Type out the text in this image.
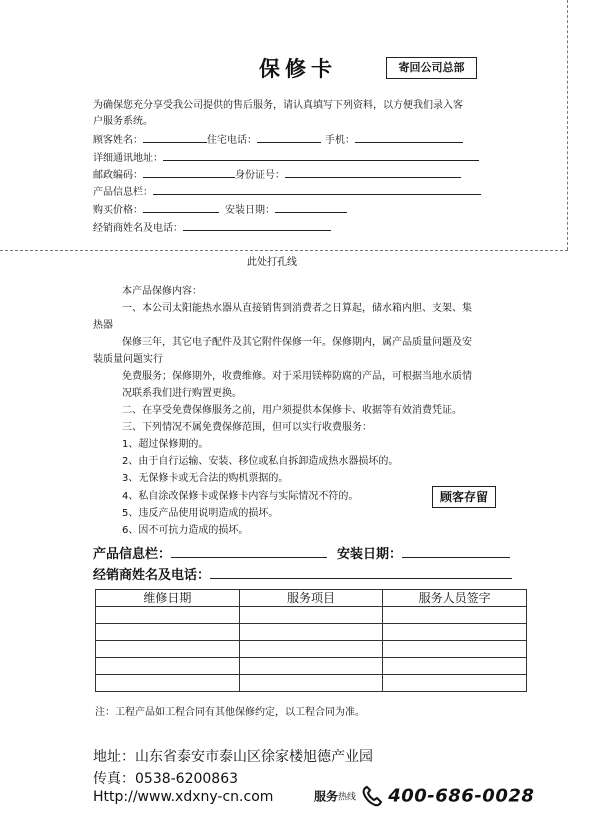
保修卡	寄回公司总部
为确保您充分享受我公司提供的售后服务，请认真填写下列资料，以方便我们录入客
户服务系统。
顾客姓名：	住宅电话：	手机：
详细通讯地址：
邮政编码：	身份证号：
产品信息栏：
购买价格：	安装日期：
经销商姓名及电话：
此处打孔线
本产品保修内容：
一、本公司太阳能热水器从直接销售到消费者之日算起，储水箱内胆、支架、集
热器
保修三年，其它电子配件及其它附件保修一年。保修期内，属产品质量问题及安
装质量问题实行
免费服务；保修期外，收费维修。对于采用镁棒防腐的产品，可根据当地水质情
况联系我们进行购置更换。
二、在享受免费保修服务之前，用户须提供本保修卡、收据等有效消费凭证。
三、下列情况不属免费保修范围，但可以实行收费服务：
1、超过保修期的。
2、由于自行运输、安装、移位或私自拆卸造成热水器损坏的。
3、无保修卡或无合法的购机票据的。
4、私自涂改保修卡或保修卡内容与实际情况不符的。
5、违反产品使用说明造成的损坏。
6、因不可抗力造成的损坏。
顾客存留
产品信息栏：	安装日期：
经销商姓名及电话：
维修日期	服务项目	服务人员签字

注：工程产品如工程合同有其他保修约定，以工程合同为准。
地址：山东省泰安市泰山区徐家楼旭德产业园
传真：0538-6200863
Http://www.xdxny-cn.com	服务热线 400-686-0028
